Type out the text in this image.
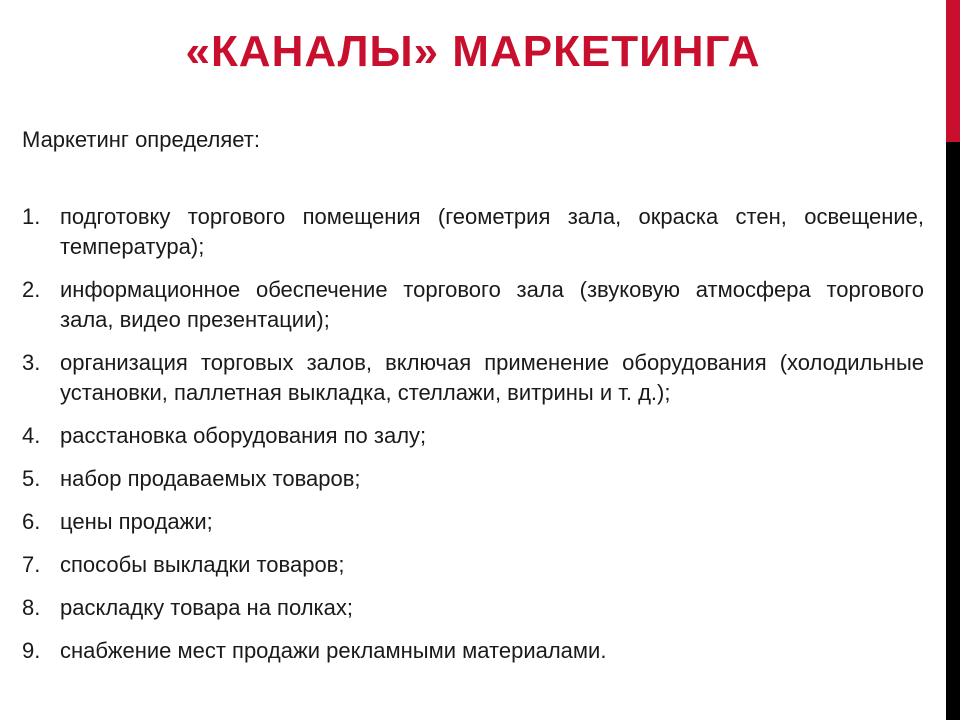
«КАНАЛЫ» МАРКЕТИНГА

Маркетинг определяет:

1. подготовку торгового помещения (геометрия зала, окраска стен, освещение, температура);
2. информационное обеспечение торгового зала (звуковую атмосфера торгового зала, видео презентации);
3. организация торговых залов, включая применение оборудования (холодильные установки, паллетная выкладка, стеллажи, витрины и т. д.);
4. расстановка оборудования по залу;
5. набор продаваемых товаров;
6. цены продажи;
7. способы выкладки товаров;
8. раскладку товара на полках;
9. снабжение мест продажи рекламными материалами.
